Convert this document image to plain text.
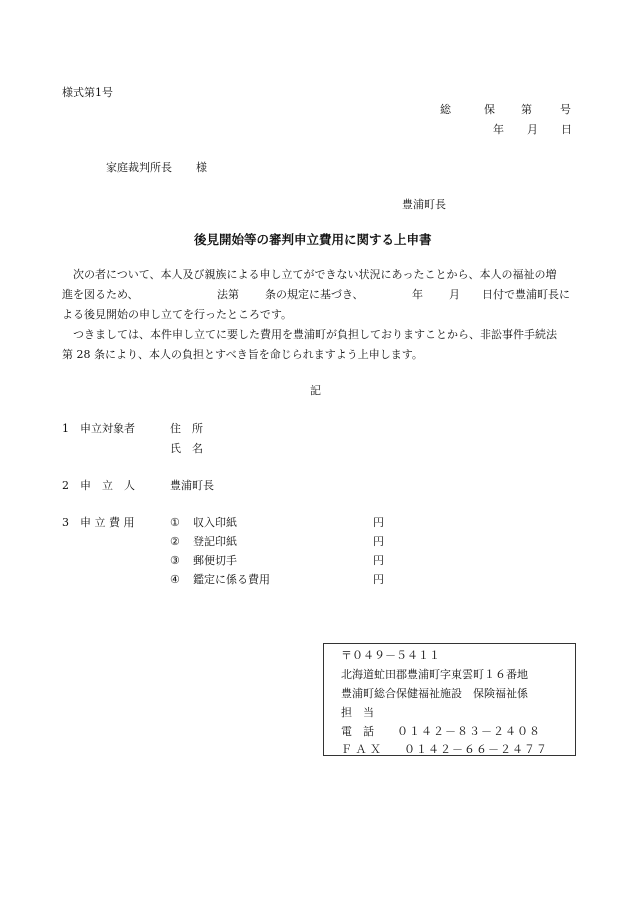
様式第1号
総	保 第	号
年 月 日
家庭裁判所長 様
豊浦町長
後見開始等の審判申立費用に関する上申書
次の者について、本人及び親族による申し立てができない状況にあったことから、本人の福祉の増
進を図るため、	法第 条の規定に基づき、	年 月 日付で豊浦町長に
よる後見開始の申し立てを行ったところです。
つきましては、本件申し立てに要した費用を豊浦町が負担しておりますことから、非訟事件手続法
第 28 条により、本人の負担とすべき旨を命じられますよう上申します。
記
1 申立対象者	住　所
氏　名
2 申　立　人	豊浦町長
3 申 立 費 用	① 収入印紙	円
② 登記印紙	円
③ 郵便切手	円
④ 鑑定に係る費用	円
〒０４９－５４１１
北海道虻田郡豊浦町字東雲町１６番地
豊浦町総合保健福祉施設　保険福祉係
担　当
電　話 ０１４２－８３－２４０８
Ｆ Ａ Ｘ ０１４２－６６－２４７７
